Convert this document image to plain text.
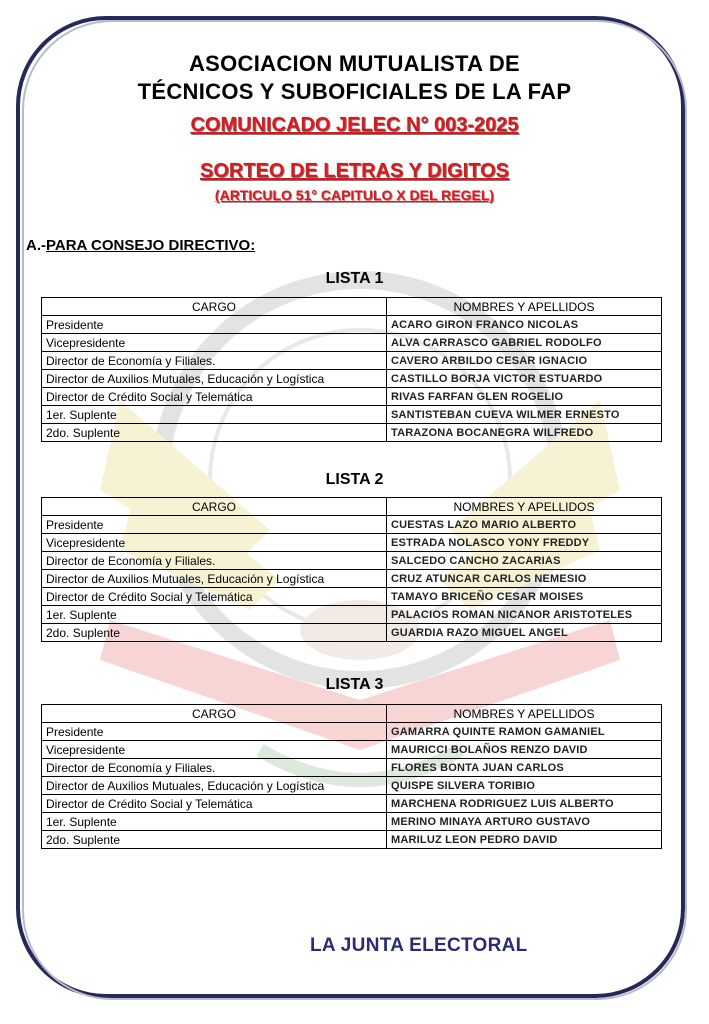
ASOCIACION MUTUALISTA DE
TÉCNICOS Y SUBOFICIALES DE LA FAP
COMUNICADO JELEC N° 003-2025
SORTEO DE LETRAS Y DIGITOS
(ARTICULO 51° CAPITULO X DEL REGEL)
A.-PARA CONSEJO DIRECTIVO:
LISTA 1
CARGO	NOMBRES Y APELLIDOS
Presidente	ACARO GIRON FRANCO NICOLAS
Vicepresidente	ALVA CARRASCO GABRIEL RODOLFO
Director de Economía y Filiales.	CAVERO ARBILDO CESAR IGNACIO
Director de Auxilios Mutuales, Educación y Logística	CASTILLO BORJA VICTOR ESTUARDO
Director de Crédito Social y Telemática	RIVAS FARFAN GLEN ROGELIO
1er. Suplente	SANTISTEBAN CUEVA WILMER ERNESTO
2do. Suplente	TARAZONA BOCANEGRA WILFREDO
LISTA 2
CARGO	NOMBRES Y APELLIDOS
Presidente	CUESTAS LAZO MARIO ALBERTO
Vicepresidente	ESTRADA NOLASCO YONY FREDDY
Director de Economía y Filiales.	SALCEDO CANCHO ZACARIAS
Director de Auxilios Mutuales, Educación y Logística	CRUZ ATUNCAR CARLOS NEMESIO
Director de Crédito Social y Telemática	TAMAYO BRICEÑO CESAR MOISES
1er. Suplente	PALACIOS ROMAN NICANOR ARISTOTELES
2do. Suplente	GUARDIA RAZO MIGUEL ANGEL
LISTA 3
CARGO	NOMBRES Y APELLIDOS
Presidente	GAMARRA QUINTE RAMON GAMANIEL
Vicepresidente	MAURICCI BOLAÑOS RENZO DAVID
Director de Economía y Filiales.	FLORES BONTA JUAN CARLOS
Director de Auxilios Mutuales, Educación y Logística	QUISPE SILVERA TORIBIO
Director de Crédito Social y Telemática	MARCHENA RODRIGUEZ LUIS ALBERTO
1er. Suplente	MERINO MINAYA ARTURO GUSTAVO
2do. Suplente	MARILUZ LEON PEDRO DAVID
LA JUNTA ELECTORAL
